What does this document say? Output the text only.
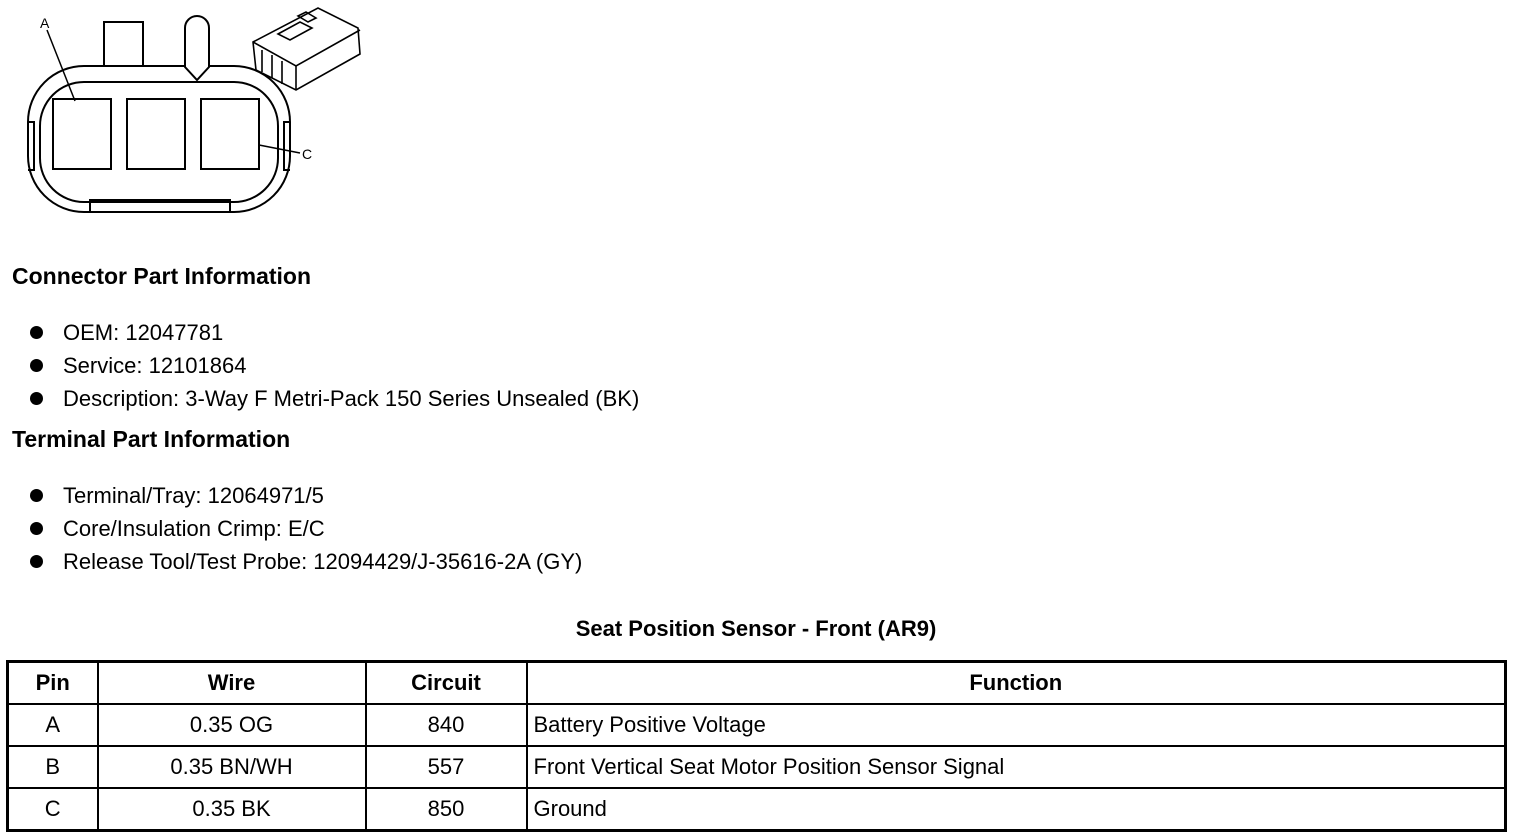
A
C
Connector Part Information
OEM: 12047781
Service: 12101864
Description: 3-Way F Metri-Pack 150 Series Unsealed (BK)
Terminal Part Information
Terminal/Tray: 12064971/5
Core/Insulation Crimp: E/C
Release Tool/Test Probe: 12094429/J-35616-2A (GY)
Seat Position Sensor - Front (AR9)
Pin	Wire	Circuit	Function
A	0.35 OG	840	Battery Positive Voltage
B	0.35 BN/WH	557	Front Vertical Seat Motor Position Sensor Signal
C	0.35 BK	850	Ground
